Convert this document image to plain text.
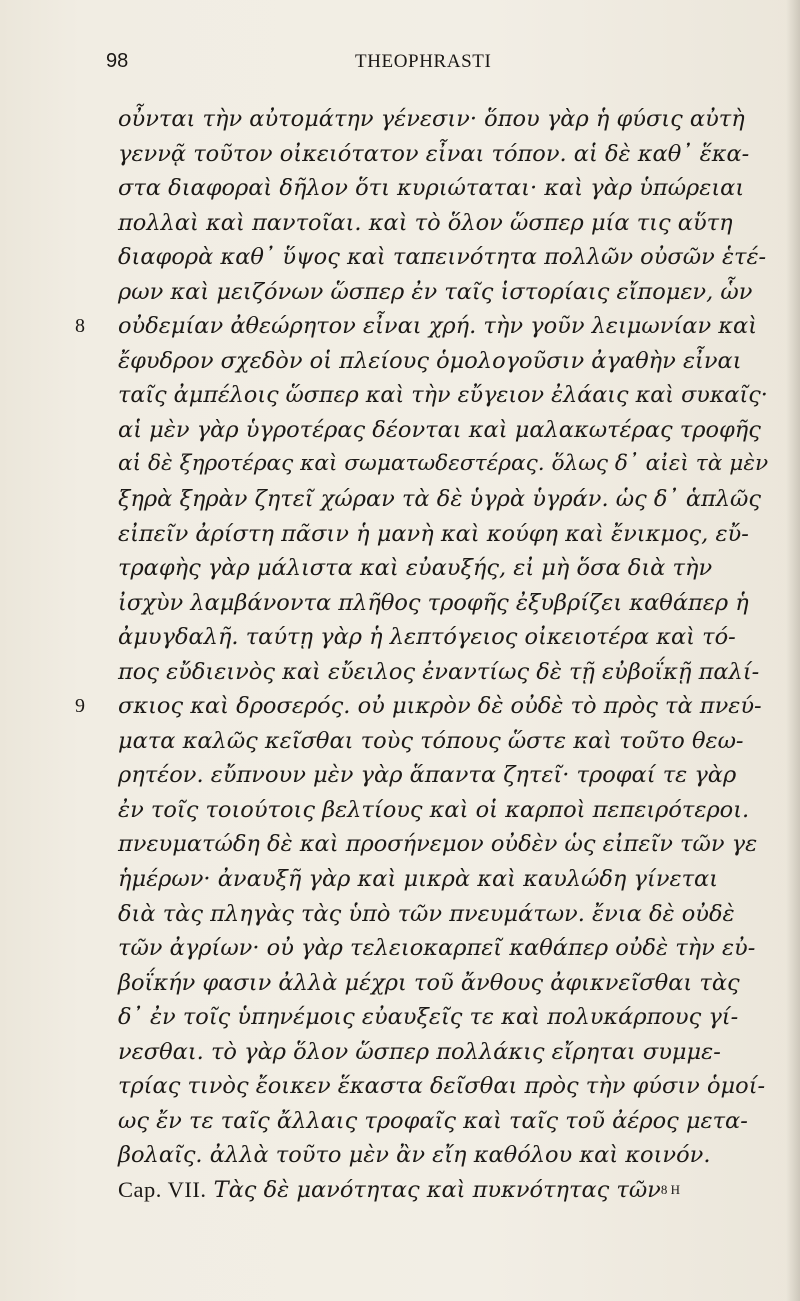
98	THEOPHRASTI
οὖνται τὴν αὐτομάτην γένεσιν· ὅπου γὰρ ἡ φύσις αὐτὴ
γεννᾷ τοῦτον οἰκειότατον εἶναι τόπον. αἱ δὲ καθ᾽ ἕκα-
στα διαφοραὶ δῆλον ὅτι κυριώταται· καὶ γὰρ ὑπώρειαι
πολλαὶ καὶ παντοῖαι. καὶ τὸ ὅλον ὥσπερ μία τις αὕτη
διαφορὰ καθ᾽ ὕψος καὶ ταπεινότητα πολλῶν οὐσῶν ἑτέ-
ρων καὶ μειζόνων ὥσπερ ἐν ταῖς ἱστορίαις εἴπομεν, ὧν
οὐδεμίαν ἀθεώρητον εἶναι χρή. τὴν γοῦν λειμωνίαν καὶ
8
ἔφυδρον σχεδὸν οἱ πλείους ὁμολογοῦσιν ἀγαθὴν εἶναι
ταῖς ἀμπέλοις ὥσπερ καὶ τὴν εὔγειον ἐλάαις καὶ συκαῖς·
αἱ μὲν γὰρ ὑγροτέρας δέονται καὶ μαλακωτέρας τροφῆς
αἱ δὲ ξηροτέρας καὶ σωματωδεστέρας. ὅλως δ᾽ αἰεὶ τὰ μὲν
ξηρὰ ξηρὰν ζητεῖ χώραν τὰ δὲ ὑγρὰ ὑγράν. ὡς δ᾽ ἁπλῶς
εἰπεῖν ἀρίστη πᾶσιν ἡ μανὴ καὶ κούφη καὶ ἔνικμος, εὔ-
τραφὴς γὰρ μάλιστα καὶ εὐαυξής, εἰ μὴ ὅσα διὰ τὴν
ἰσχὺν λαμβάνοντα πλῆθος τροφῆς ἐξυβρίζει καθάπερ ἡ
ἀμυγδαλῆ. ταύτῃ γὰρ ἡ λεπτόγειος οἰκειοτέρα καὶ τό-
πος εὔδιεινὸς καὶ εὔειλος ἐναντίως δὲ τῇ εὐβοΐκῇ παλί-
σκιος καὶ δροσερός. οὐ μικρὸν δὲ οὐδὲ τὸ πρὸς τὰ πνεύ-
9
ματα καλῶς κεῖσθαι τοὺς τόπους ὥστε καὶ τοῦτο θεω-
ρητέον. εὔπνουν μὲν γὰρ ἅπαντα ζητεῖ· τροφαί τε γὰρ
ἐν τοῖς τοιούτοις βελτίους καὶ οἱ καρποὶ πεπειρότεροι.
πνευματώδη δὲ καὶ προσήνεμον οὐδὲν ὡς εἰπεῖν τῶν γε
ἡμέρων· ἀναυξῆ γὰρ καὶ μικρὰ καὶ καυλώδη γίνεται
διὰ τὰς πληγὰς τὰς ὑπὸ τῶν πνευμάτων. ἔνια δὲ οὐδὲ
τῶν ἀγρίων· οὐ γὰρ τελειοκαρπεῖ καθάπερ οὐδὲ τὴν εὐ-
βοΐκήν φασιν ἀλλὰ μέχρι τοῦ ἄνθους ἀφικνεῖσθαι τὰς
δ᾽ ἐν τοῖς ὑπηνέμοις εὐαυξεῖς τε καὶ πολυκάρπους γί-
νεσθαι. τὸ γὰρ ὅλον ὥσπερ πολλάκις εἴρηται συμμε-
τρίας τινὸς ἔοικεν ἕκαστα δεῖσθαι πρὸς τὴν φύσιν ὁμοί-
ως ἔν τε ταῖς ἄλλαις τροφαῖς καὶ ταῖς τοῦ ἀέρος μετα-
βολαῖς. ἀλλὰ τοῦτο μὲν ἂν εἴη καθόλου καὶ κοινόν.
Cap. VII. Τὰς δὲ μανότητας καὶ πυκνότητας τῶν8 H
